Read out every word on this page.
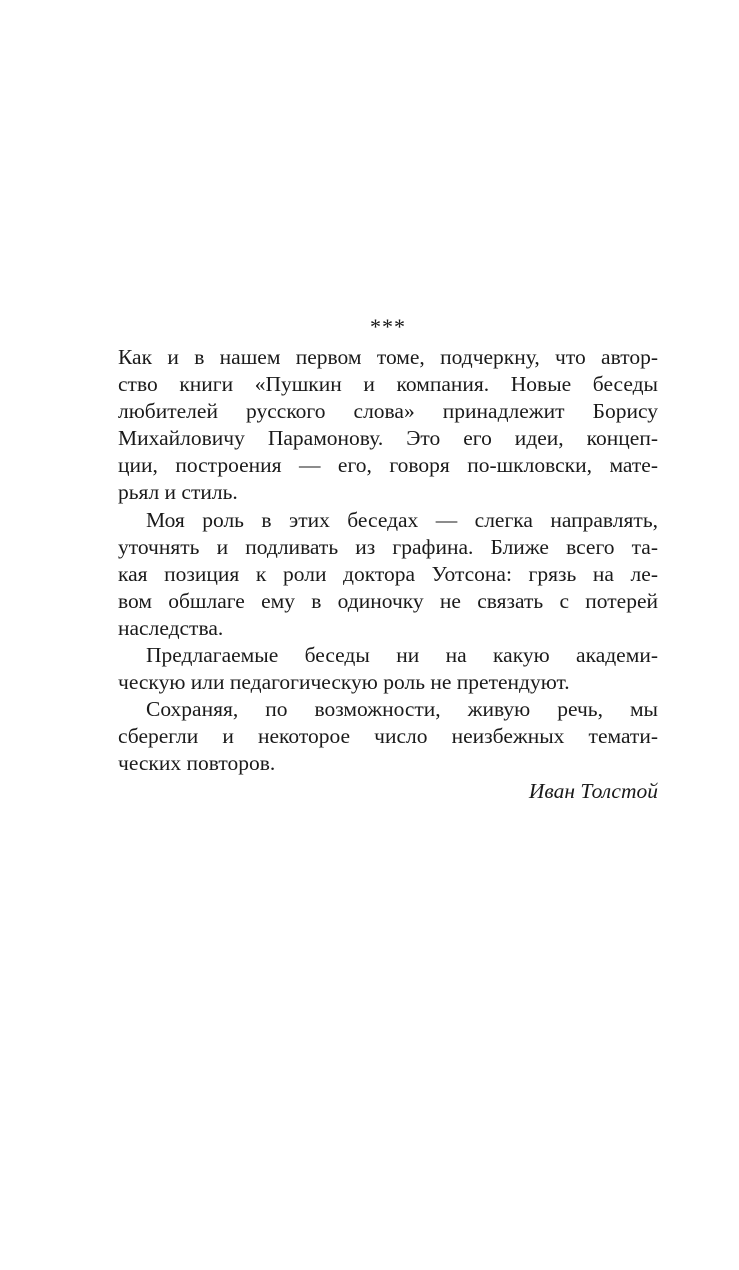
***
Как и в нашем первом томе, подчеркну, что автор-
ство книги «Пушкин и компания. Новые беседы
любителей русского слова» принадлежит Борису
Михайловичу Парамонову. Это его идеи, концеп-
ции, построения — его, говоря по-шкловски, мате-
рьял и стиль.
Моя роль в этих беседах — слегка направлять,
уточнять и подливать из графина. Ближе всего та-
кая позиция к роли доктора Уотсона: грязь на ле-
вом обшлаге ему в одиночку не связать с потерей
наследства.
Предлагаемые беседы ни на какую академи-
ческую или педагогическую роль не претендуют.
Сохраняя, по возможности, живую речь, мы
сберегли и некоторое число неизбежных темати-
ческих повторов.
Иван Толстой
